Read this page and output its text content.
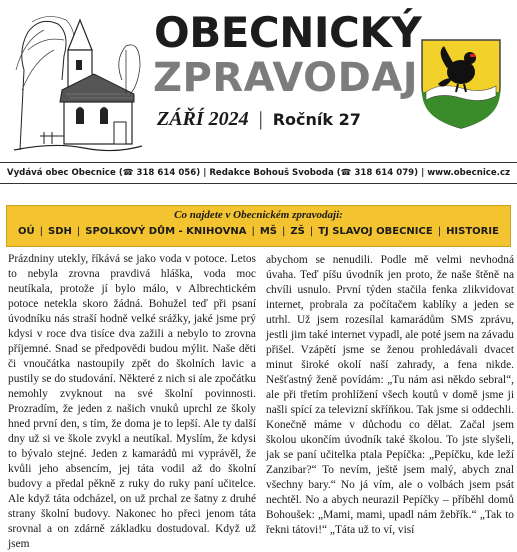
OBECNICKÝ
ZPRAVODAJ
ZÁŘÍ 2024 | Ročník 27
Vydává obec Obecnice (☎ 318 614 056) | Redakce Bohouš Svoboda (☎ 318 614 079) | www.obecnice.cz
Co najdete v Obecnickém zpravodaji:
OÚ | SDH | SPOLKOVÝ DŮM - KNIHOVNA | MŠ | ZŠ | TJ SLAVOJ OBECNICE | HISTORIE

Prázdniny utekly, říkává se jako voda v potoce. Letos to nebyla zrovna pravdivá hláška, voda moc neutíkala, protože jí bylo málo, v Albrechtickém potoce netekla skoro žádná. Bohužel teď při psaní úvodníku nás straší hodně velké srážky, jaké jsme prý kdysi v roce dva tisíce dva zažili a nebylo to zrovna příjemné. Snad se předpovědi budou mýlit. Naše děti či vnoučátka nastoupily zpět do školních lavic a pustily se do studování. Některé z nich si ale zpočátku nemohly zvyknout na své školní povinnosti. Prozradím, že jeden z našich vnuků uprchl ze školy hned první den, s tím, že doma je to lepší. Ale ty další dny už si ve škole zvykl a neutíkal. Myslím, že kdysi to bývalo stejné. Jeden z kamarádů mi vyprávěl, že kvůli jeho absencím, jej táta vodil až do školní budovy a předal pěkně z ruky do ruky paní učitelce. Ale když táta odcházel, on už prchal ze šatny z druhé strany školní budovy. Nakonec ho přeci jenom táta srovnal a on zdárně základku dostudoval. Když už jsem

abychom se nenudili. Podle mě velmi nevhodná úvaha. Teď píšu úvodník jen proto, že naše štěně na chvíli usnulo. První týden stačila fenka zlikvidovat internet, probrala za počítačem kablíky a jeden se utrhl. Už jsem rozesílal kamarádům SMS zprávu, jestli jim také internet vypadl, ale poté jsem na závadu přišel. Vzápětí jsme se ženou prohledávali dvacet minut široké okolí naší zahrady, a fena nikde. Nešťastný ženě povídám: „Tu nám asi někdo sebral“, ale při třetím prohlížení všech koutů v domě jsme ji našli spící za televizní skříňkou. Tak jsme si oddechli. Konečně máme v důchodu co dělat. Začal jsem školou ukončím úvodník také školou. To jste slyšeli, jak se paní učitelka ptala Pepíčka: „Pepíčku, kde leží Zanzibar?“ To nevím, ještě jsem malý, abych znal všechny bary.“ No já vím, ale o volbách jsem psát nechtěl. No a abych neurazil Pepíčky – příběhl domů Bohoušek: „Mami, mami, upadl nám žebřík.“ „Tak to řekni tátovi!“ „Táta už to ví, visí
